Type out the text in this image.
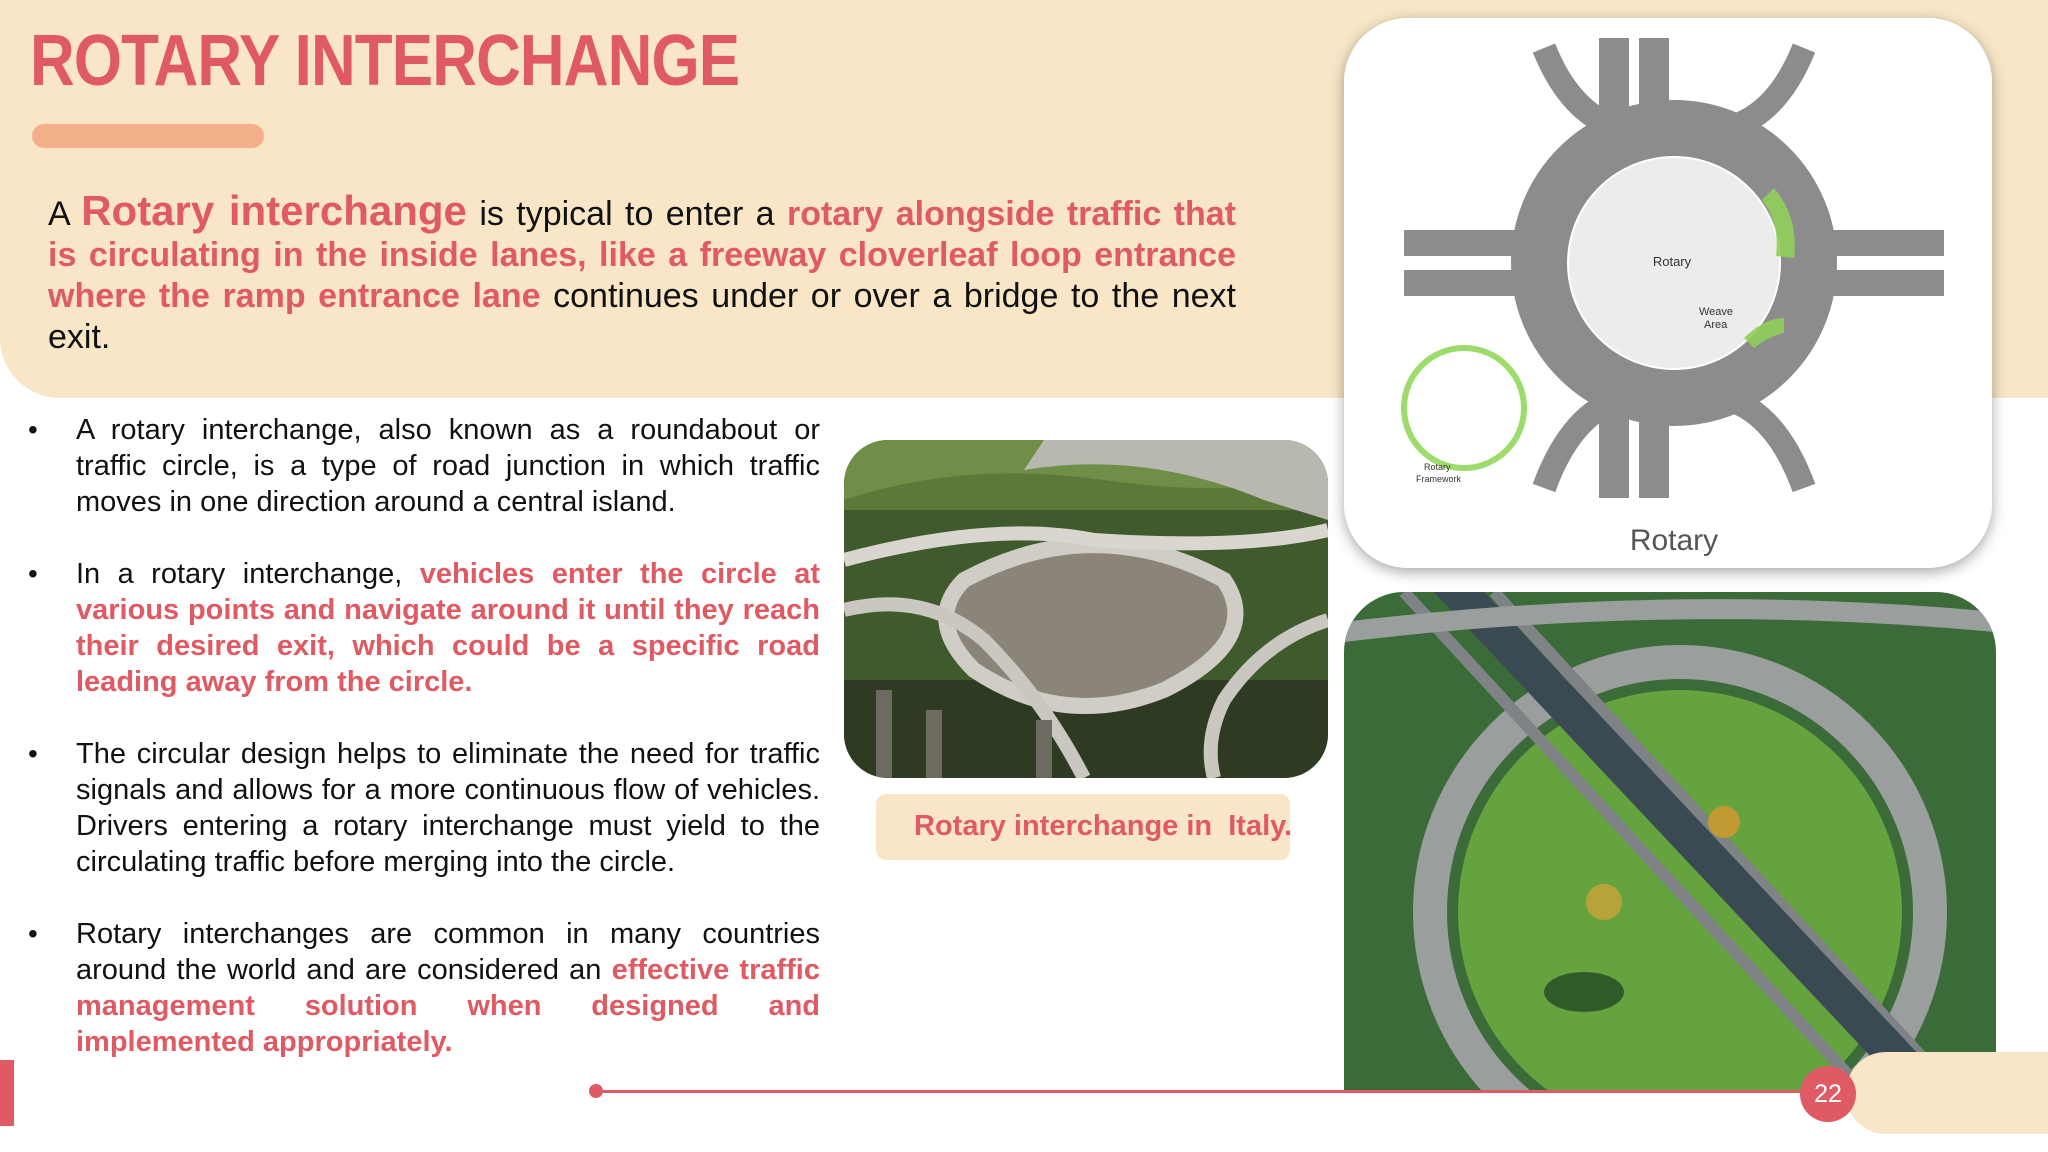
ROTARY INTERCHANGE
A Rotary interchange is typical to enter a rotary alongside traffic that is circulating in the inside lanes, like a freeway cloverleaf loop entrance where the ramp entrance lane continues under or over a bridge to the next exit.
• A rotary interchange, also known as a roundabout or traffic circle, is a type of road junction in which traffic moves in one direction around a central island.
• In a rotary interchange, vehicles enter the circle at various points and navigate around it until they reach their desired exit, which could be a specific road leading away from the circle.
• The circular design helps to eliminate the need for traffic signals and allows for a more continuous flow of vehicles. Drivers entering a rotary interchange must yield to the circulating traffic before merging into the circle.
• Rotary interchanges are common in many countries around the world and are considered an effective traffic management solution when designed and implemented appropriately.
Rotary interchange in  Italy.
Rotary
Weave
Area
Rotary
Framework
Rotary
22
